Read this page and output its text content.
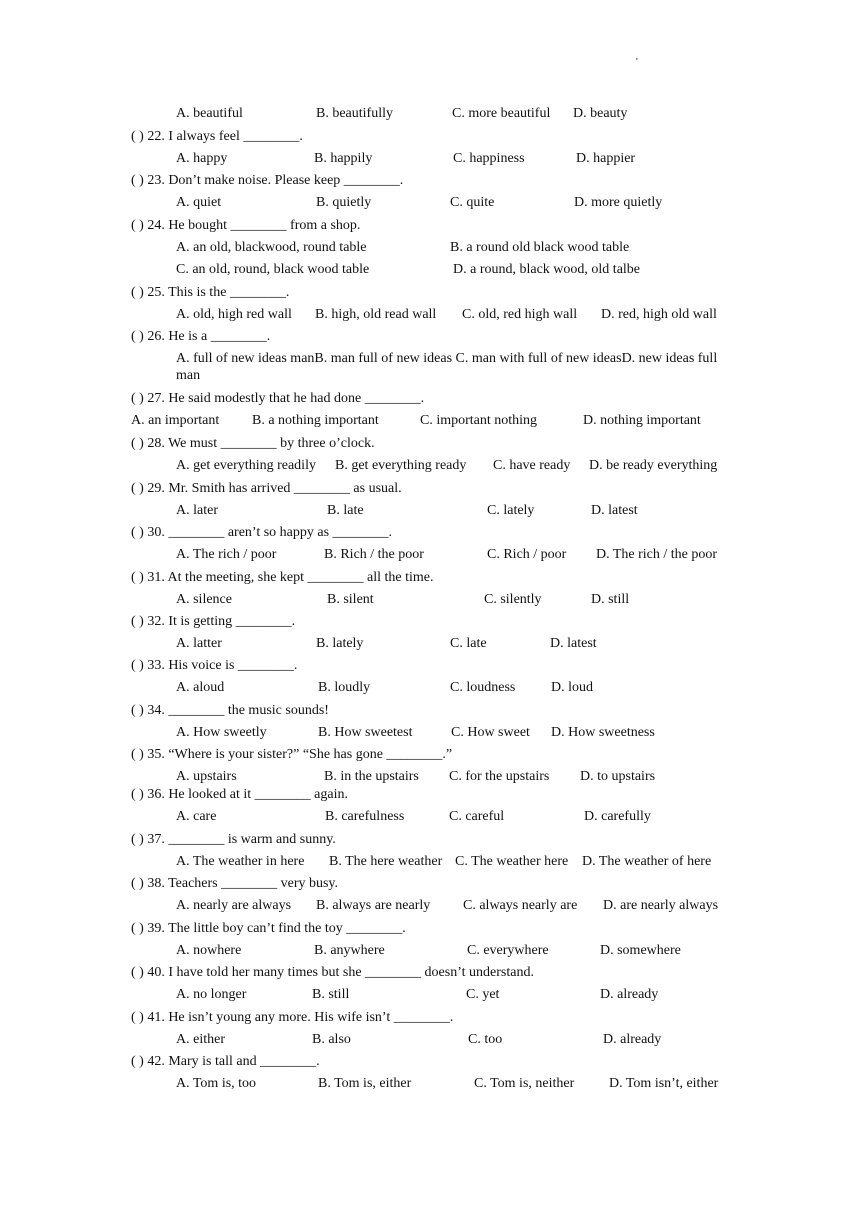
'
A. beautiful	B. beautifully	C. more beautiful D. beauty
( ) 22. I always feel ________.
A. happy	B. happily	C. happiness	D. happier
( ) 23. Don’t make noise. Please keep ________.
A. quiet	B. quietly	C. quite	D. more quietly
( ) 24. He bought ________ from a shop.
A. an old, blackwood, round table	B. a round old black wood table
C. an old, round, black wood table	D. a round, black wood, old talbe
( ) 25. This is the ________.
A. old, high red wall B. high, old read wall C. old, red high wall D. red, high old wall
( ) 26. He is a ________.
A. full of new ideas manB. man full of new ideas C. man with full of new ideasD. new ideas full man
( ) 27. He said modestly that he had done ________.
A. an important B. a nothing important	C. important nothing	D. nothing important
( ) 28. We must ________ by three o’clock.
A. get everything readily B. get everything ready C. have ready D. be ready everything
( ) 29. Mr. Smith has arrived ________ as usual.
A. later	B. late	C. lately	D. latest
( ) 30. ________ aren’t so happy as ________.
A. The rich / poor	B. Rich / the poor	C. Rich / poor D. The rich / the poor
( ) 31. At the meeting, she kept ________ all the time.
A. silence	B. silent	C. silently	D. still
( ) 32. It is getting ________.
A. latter	B. lately	C. late	D. latest
( ) 33. His voice is ________.
A. aloud	B. loudly	C. loudness	D. loud
( ) 34. ________ the music sounds!
A. How sweetly	B. How sweetest	C. How sweet D. How sweetness
( ) 35. “Where is your sister?” “She has gone ________.”
A. upstairs	B. in the upstairs C. for the upstairs D. to upstairs
( ) 36. He looked at it ________ again.
A. care	B. carefulness	C. careful	D. carefully
( ) 37. ________ is warm and sunny.
A. The weather in here B. The here weather C. The weather here D. The weather of here
( ) 38. Teachers ________ very busy.
A. nearly are always B. always are nearly C. always nearly are D. are nearly always
( ) 39. The little boy can’t find the toy ________.
A. nowhere	B. anywhere	C. everywhere	D. somewhere
( ) 40. I have told her many times but she ________ doesn’t understand.
A. no longer	B. still	C. yet	D. already
( ) 41. He isn’t young any more. His wife isn’t ________.
A. either	B. also	C. too	D. already
( ) 42. Mary is tall and ________.
A. Tom is, too	B. Tom is, either	C. Tom is, neither D. Tom isn’t, either
